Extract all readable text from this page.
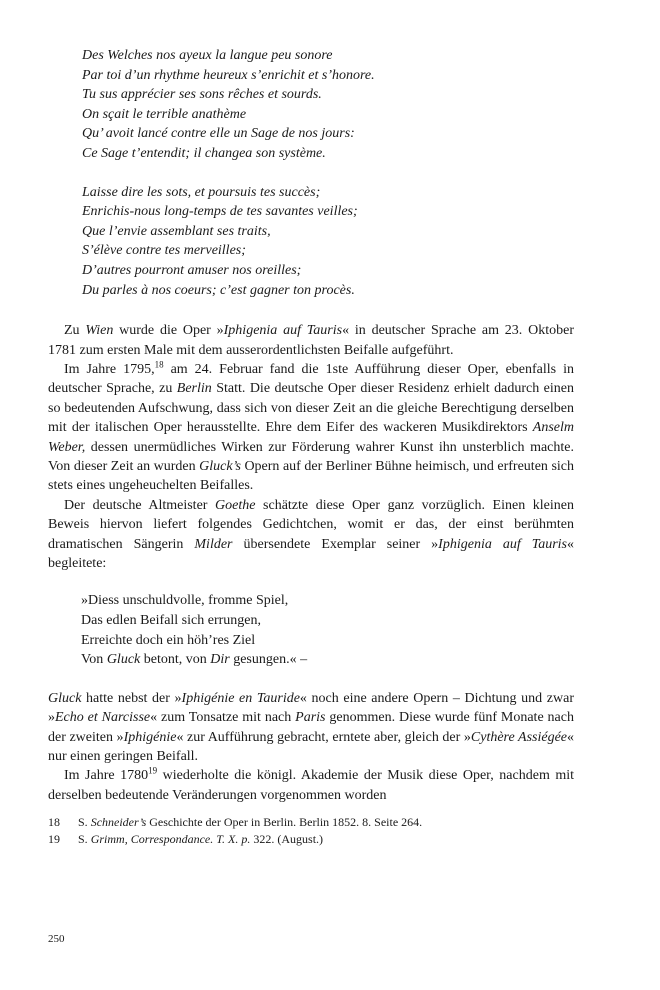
Des Welches nos ayeux la langue peu sonore
Par toi d’un rhythme heureux s’enrichit et s’honore.
Tu sus apprécier ses sons rêches et sourds.
On sçait le terrible anathème
Qu’ avoit lancé contre elle un Sage de nos jours:
Ce Sage t’entendit; il changea son système.
Laisse dire les sots, et poursuis tes succès;
Enrichis-nous long-temps de tes savantes veilles;
Que l’envie assemblant ses traits,
S’élève contre tes merveilles;
D’autres pourront amuser nos oreilles;
Du parles à nos coeurs; c’est gagner ton procès.

Zu Wien wurde die Oper »Iphigenia auf Tauris« in deutscher Sprache am 23. Oktober 1781 zum ersten Male mit dem ausserordentlichsten Beifalle aufgeführt.

Im Jahre 1795,18 am 24. Februar fand die 1ste Aufführung dieser Oper, ebenfalls in deutscher Sprache, zu Berlin Statt. Die deutsche Oper dieser Residenz erhielt dadurch einen so bedeutenden Aufschwung, dass sich von dieser Zeit an die gleiche Berechtigung derselben mit der italischen Oper herausstellte. Ehre dem Eifer des wackeren Musikdirektors Anselm Weber, dessen unermüdliches Wirken zur Förderung wahrer Kunst ihn unsterblich machte. Von dieser Zeit an wurden Gluck’s Opern auf der Berliner Bühne heimisch, und erfreuten sich stets eines ungeheuchelten Beifalles.

Der deutsche Altmeister Goethe schätzte diese Oper ganz vorzüglich. Einen kleinen Beweis hiervon liefert folgendes Gedichtchen, womit er das, der einst berühmten dramatischen Sängerin Milder übersendete Exemplar seiner »Iphigenia auf Tauris« begleitete:

»Diess unschuldvolle, fromme Spiel,
Das edlen Beifall sich errungen,
Erreichte doch ein höh’res Ziel
Von Gluck betont, von Dir gesungen.« –

Gluck hatte nebst der »Iphigénie en Tauride« noch eine andere Opern – Dichtung und zwar »Echo et Narcisse« zum Tonsatze mit nach Paris genommen. Diese wurde fünf Monate nach der zweiten »Iphigénie« zur Aufführung gebracht, erntete aber, gleich der »Cythère Assiégée« nur einen geringen Beifall.

Im Jahre 1780$^{19}$ wiederholte die königl. Akademie der Musik diese Oper, nachdem mit derselben bedeutende Veränderungen vorgenommen worden

18	S. Schneider’s Geschichte der Oper in Berlin. Berlin 1852. 8. Seite 264.
19	S. Grimm, Correspondance. T. X. p. 322. (August.)
250
